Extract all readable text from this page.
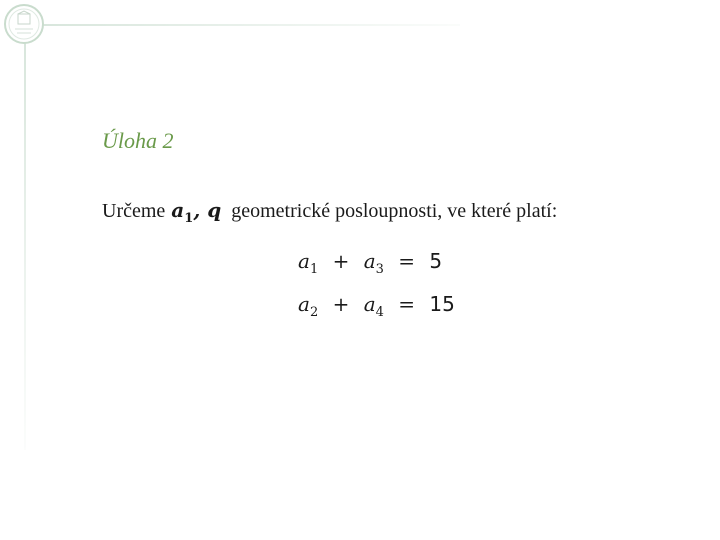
Úloha 2
Určeme $a_1$, q geometrické posloupnosti, ve které platí:
$a_1 + a_3 = 5$
$a_2 + a_4 = 15$
